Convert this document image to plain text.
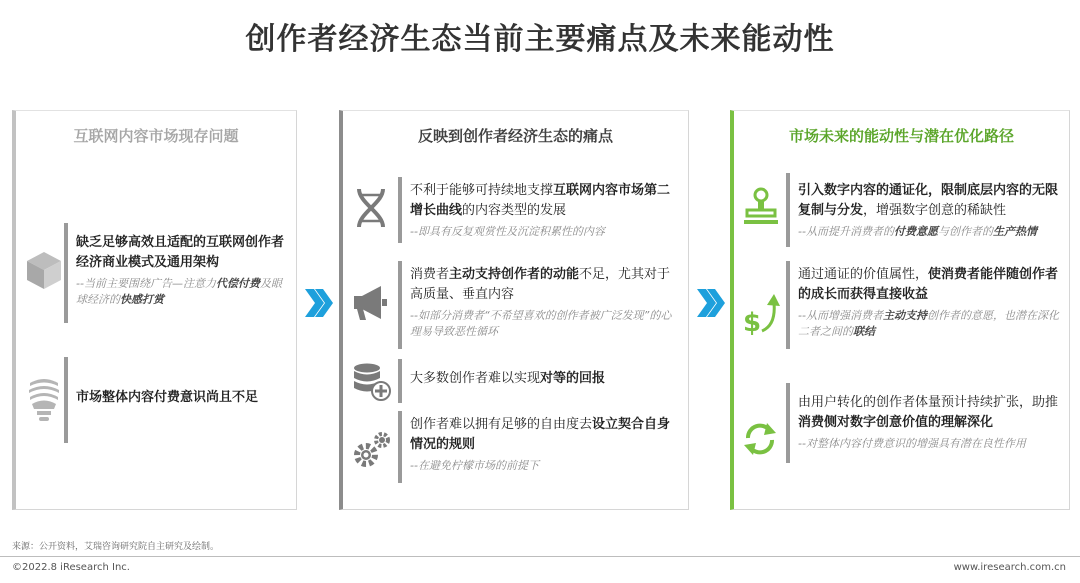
创作者经济生态当前主要痛点及未来能动性
互联网内容市场现存问题
缺乏足够高效且适配的互联网创作者经济商业模式及通用架构
--当前主要围绕广告—注意力代偿付费及眼球经济的快感打赏
市场整体内容付费意识尚且不足
反映到创作者经济生态的痛点
不利于能够可持续地支撑互联网内容市场第二增长曲线的内容类型的发展
--即具有反复观赏性及沉淀积累性的内容
消费者主动支持创作者的动能不足，尤其对于高质量、垂直内容
--如部分消费者“不希望喜欢的创作者被广泛发现”的心理易导致恶性循环
大多数创作者难以实现对等的回报
创作者难以拥有足够的自由度去设立契合自身情况的规则
--在避免柠檬市场的前提下
市场未来的能动性与潜在优化路径
引入数字内容的通证化，限制底层内容的无限复制与分发，增强数字创意的稀缺性
--从而提升消费者的付费意愿与创作者的生产热情
$
通过通证的价值属性，使消费者能伴随创作者的成长而获得直接收益
--从而增强消费者主动支持创作者的意愿，也潜在深化二者之间的联结
由用户转化的创作者体量预计持续扩张，助推消费侧对数字创意价值的理解深化
--对整体内容付费意识的增强具有潜在良性作用
来源：公开资料，艾瑞咨询研究院自主研究及绘制。
©2022.8 iResearch Inc.	www.iresearch.com.cn
